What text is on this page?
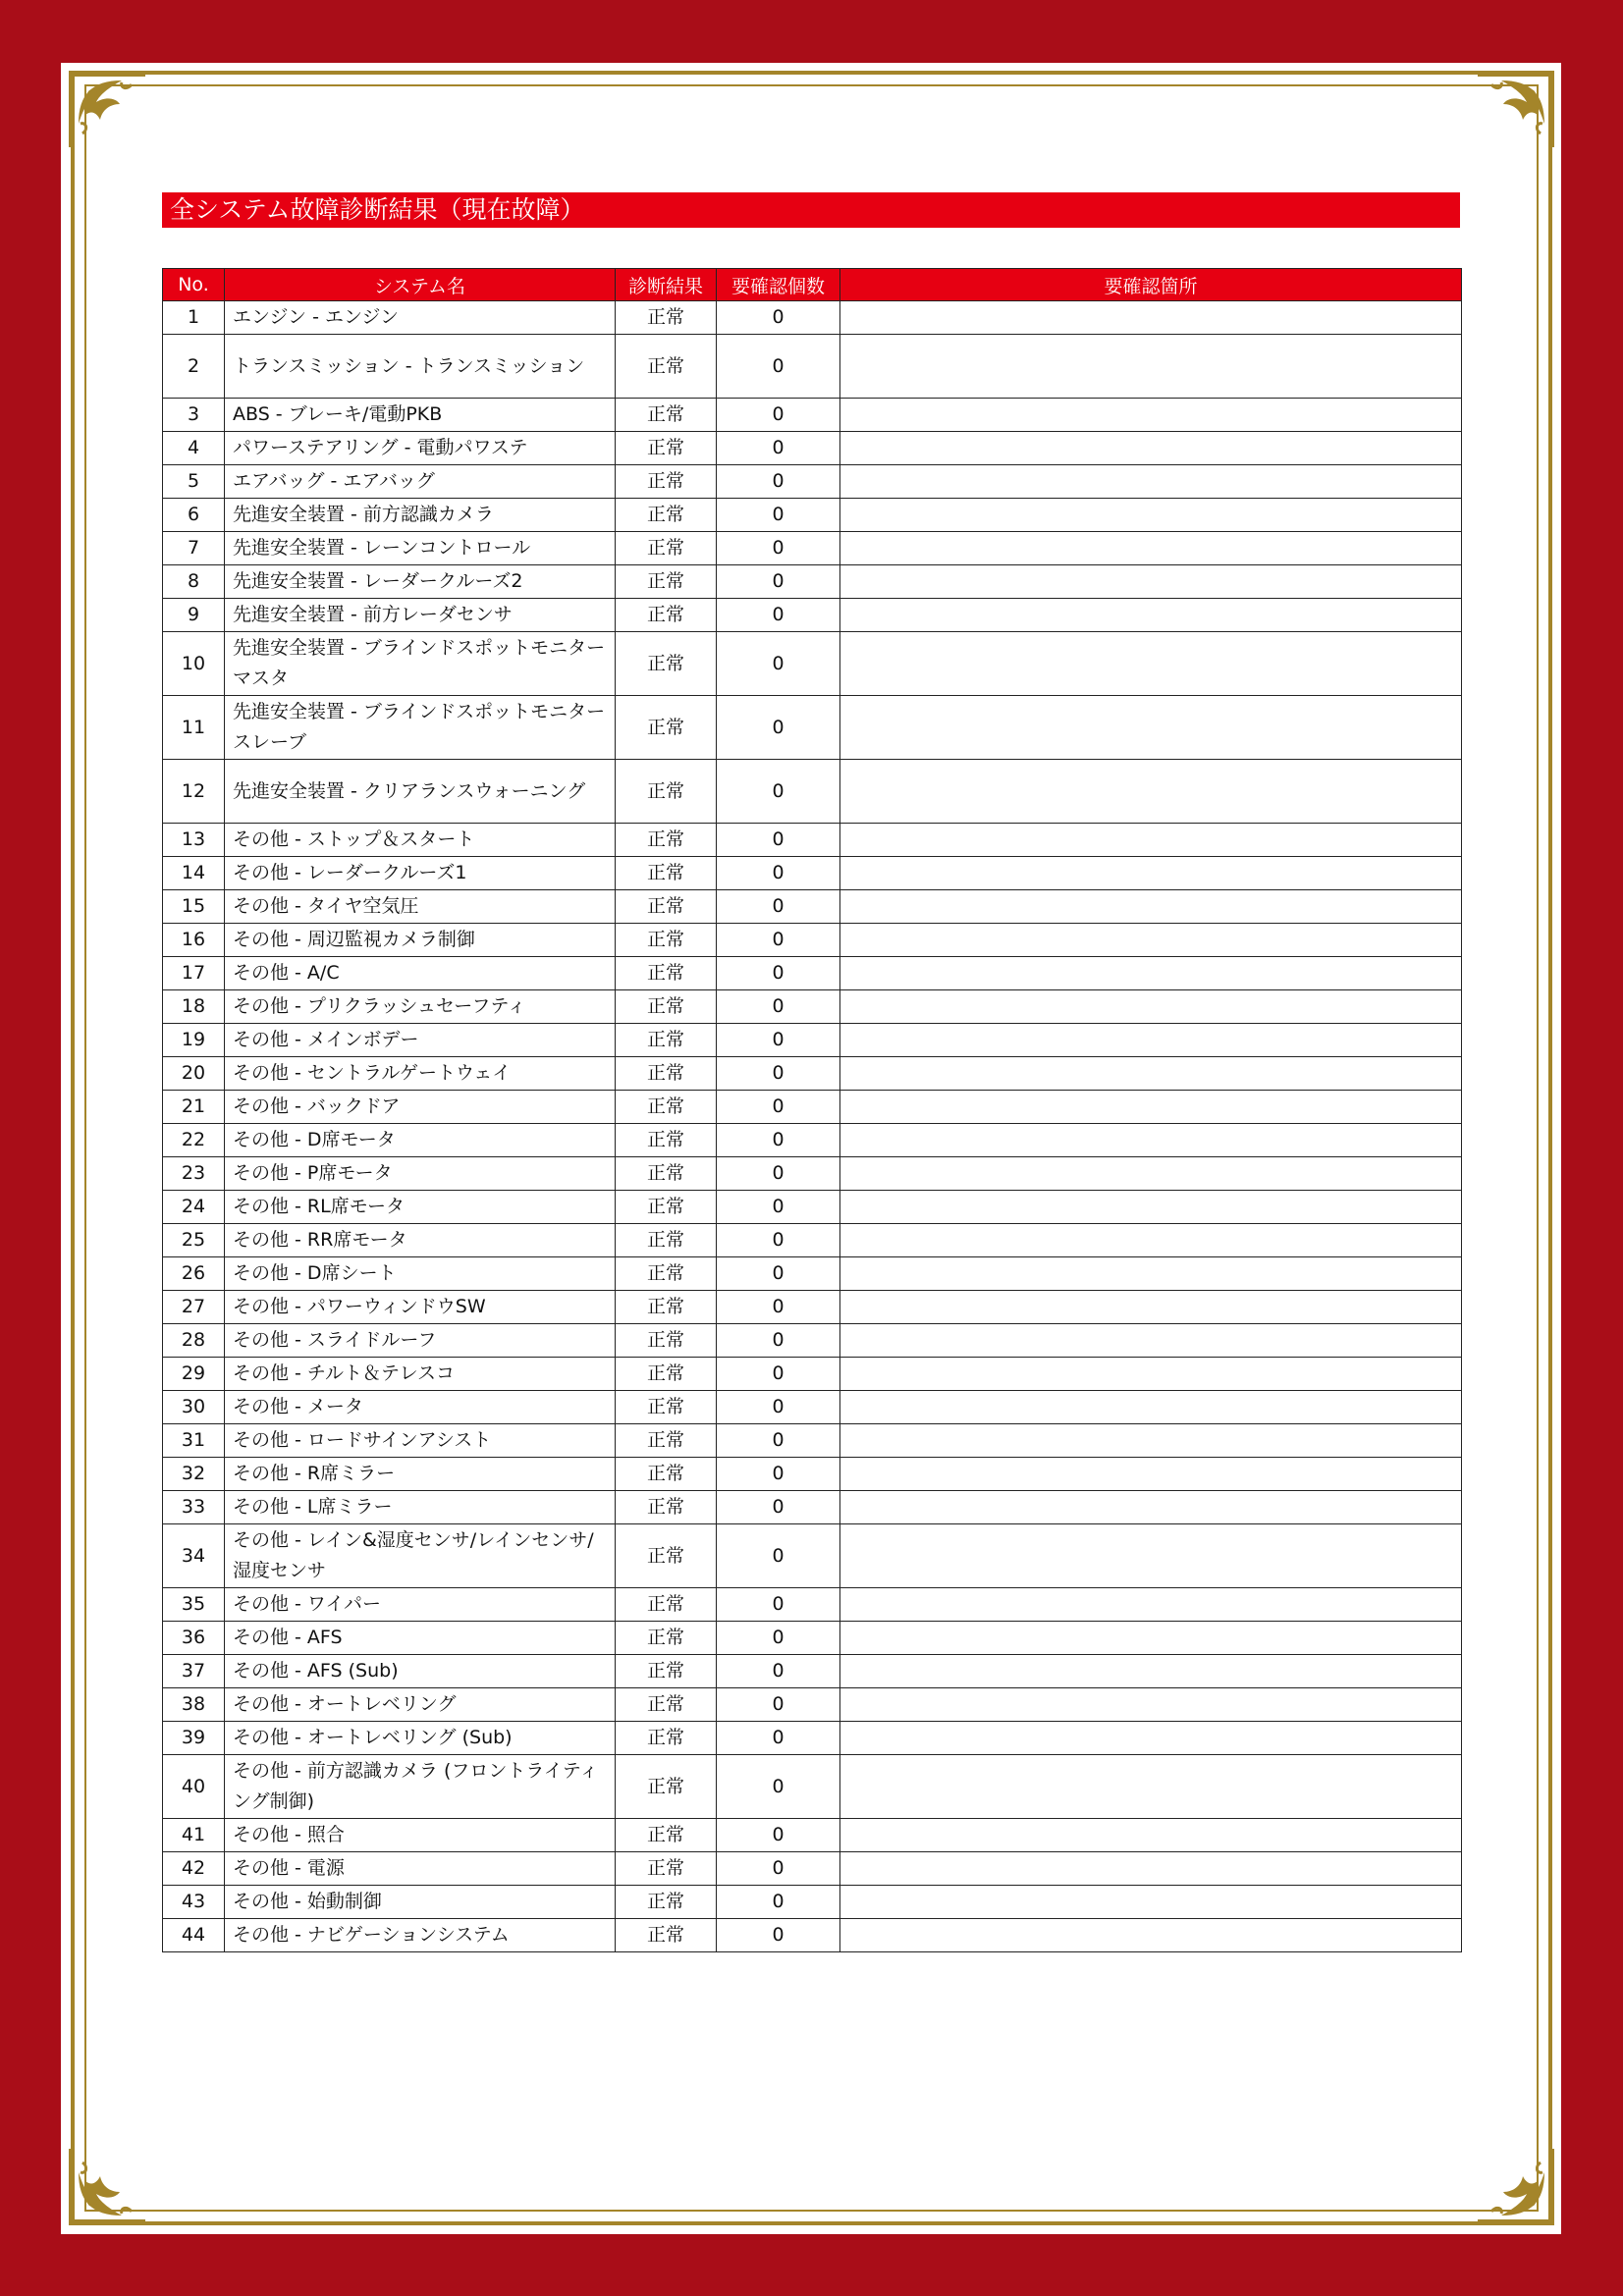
全システム故障診断結果（現在故障）
No.	システム名	診断結果	要確認個数	要確認箇所
1	エンジン - エンジン	正常	0	
2	トランスミッション - トランスミッション	正常	0	
3	ABS - ブレーキ/電動PKB	正常	0	
4	パワーステアリング - 電動パワステ	正常	0	
5	エアバッグ - エアバッグ	正常	0	
6	先進安全装置 - 前方認識カメラ	正常	0	
7	先進安全装置 - レーンコントロール	正常	0	
8	先進安全装置 - レーダークルーズ2	正常	0	
9	先進安全装置 - 前方レーダセンサ	正常	0	
10	先進安全装置 - ブラインドスポットモニター マスタ	正常	0	
11	先進安全装置 - ブラインドスポットモニター スレーブ	正常	0	
12	先進安全装置 - クリアランスウォーニング	正常	0	
13	その他 - ストップ＆スタート	正常	0	
14	その他 - レーダークルーズ1	正常	0	
15	その他 - タイヤ空気圧	正常	0	
16	その他 - 周辺監視カメラ制御	正常	0	
17	その他 - A/C	正常	0	
18	その他 - プリクラッシュセーフティ	正常	0	
19	その他 - メインボデー	正常	0	
20	その他 - セントラルゲートウェイ	正常	0	
21	その他 - バックドア	正常	0	
22	その他 - D席モータ	正常	0	
23	その他 - P席モータ	正常	0	
24	その他 - RL席モータ	正常	0	
25	その他 - RR席モータ	正常	0	
26	その他 - D席シート	正常	0	
27	その他 - パワーウィンドウSW	正常	0	
28	その他 - スライドルーフ	正常	0	
29	その他 - チルト＆テレスコ	正常	0	
30	その他 - メータ	正常	0	
31	その他 - ロードサインアシスト	正常	0	
32	その他 - R席ミラー	正常	0	
33	その他 - L席ミラー	正常	0	
34	その他 - レイン&湿度センサ/レインセンサ/湿度センサ	正常	0	
35	その他 - ワイパー	正常	0	
36	その他 - AFS	正常	0	
37	その他 - AFS (Sub)	正常	0	
38	その他 - オートレベリング	正常	0	
39	その他 - オートレベリング (Sub)	正常	0	
40	その他 - 前方認識カメラ (フロントライティング制御)	正常	0	
41	その他 - 照合	正常	0	
42	その他 - 電源	正常	0	
43	その他 - 始動制御	正常	0	
44	その他 - ナビゲーションシステム	正常	0	
